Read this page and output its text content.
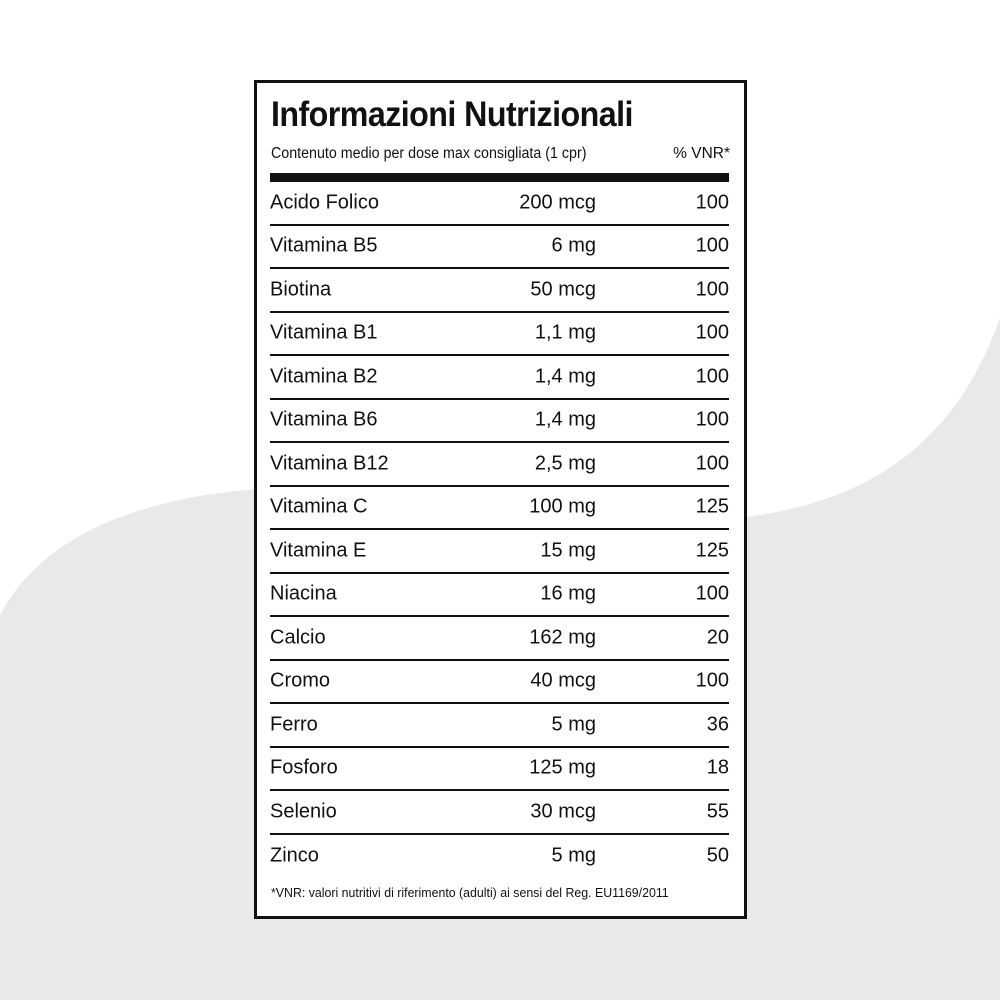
Informazioni Nutrizionali
Contenuto medio per dose max consigliata (1 cpr)	% VNR*
Acido Folico	200 mcg	100
Vitamina B5	6 mg	100
Biotina	50 mcg	100
Vitamina B1	1,1 mg	100
Vitamina B2	1,4 mg	100
Vitamina B6	1,4 mg	100
Vitamina B12	2,5 mg	100
Vitamina C	100 mg	125
Vitamina E	15 mg	125
Niacina	16 mg	100
Calcio	162 mg	20
Cromo	40 mcg	100
Ferro	5 mg	36
Fosforo	125 mg	18
Selenio	30 mcg	55
Zinco	5 mg	50
*VNR: valori nutritivi di riferimento (adulti) ai sensi del Reg. EU1169/2011
